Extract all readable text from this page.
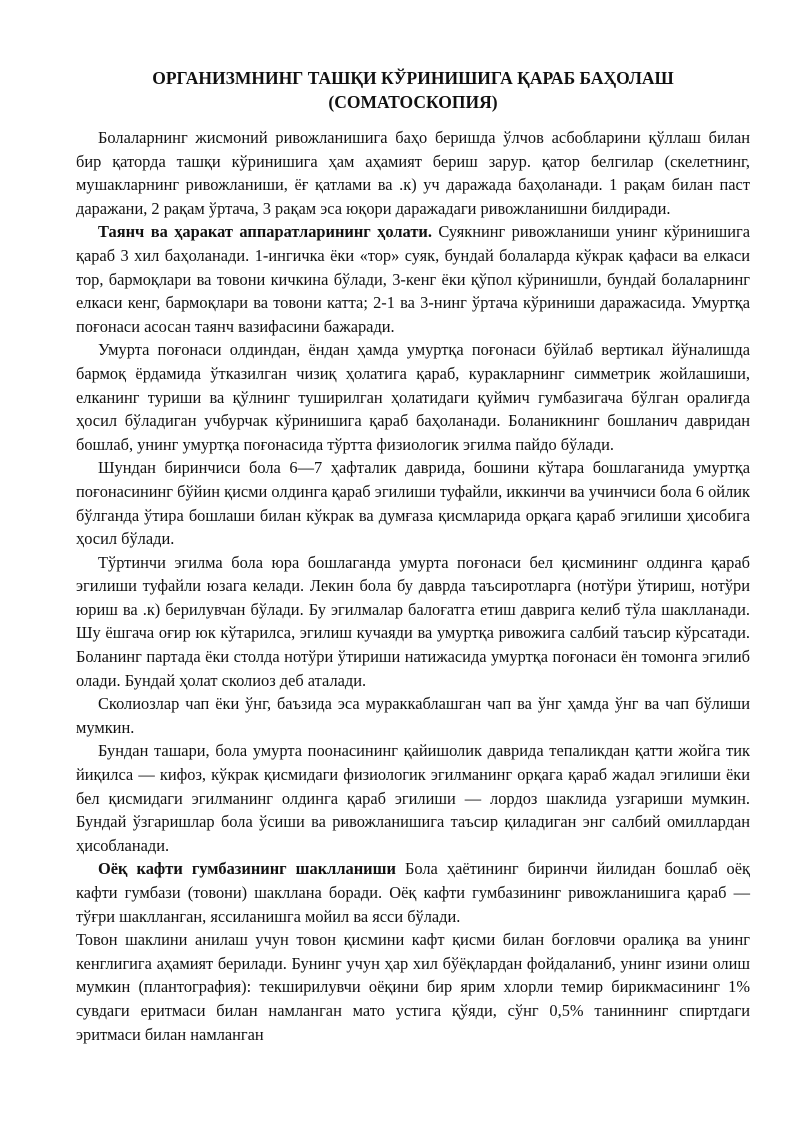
ОРГАНИЗМНИНГ ТАШҚИ КЎРИНИШИГА ҚАРАБ БАҲОЛАШ
(СОМАТОСКОПИЯ)

Болаларнинг жисмоний ривожланишига баҳо беришда ўлчов асбобларини қўллаш билан бир қаторда ташқи кўринишига ҳам аҳамият бериш зарур. қатор белгилар (скелетнинг, мушакларнинг ривожланиши, ёғ қатлами ва .к) уч даражада баҳоланади. 1 рақам билан паст даражани, 2 рақам ўртача, 3 рақам эса юқори даражадаги ривожланишни билдиради.

Таянч ва ҳаракат аппаратларининг ҳолати. Суякнинг ривожланиши унинг кўринишига қараб 3 хил баҳоланади. 1-ингичка ёки «тор» суяк, бундай болаларда кўкрак қафаси ва елкаси тор, бармоқлари ва товони кичкина бўлади, 3-кенг ёки қўпол кўринишли, бундай болаларнинг елкаси кенг, бармоқлари ва товони катта; 2-1 ва 3-нинг ўртача кўриниши даражасида. Умуртқа поғонаси асосан таянч вазифасини бажаради.

Умурта поғонаси олдиндан, ёндан ҳамда умуртқа поғонаси бўйлаб вертикал йўналишда бармоқ ёрдамида ўтказилган чизиқ ҳолатига қараб, куракларнинг симметрик жойлашиши, елканинг туриши ва қўлнинг туширилган ҳолатидаги қуймич гумбазигача бўлган оралиғда ҳосил бўладиган учбурчак кўринишига қараб баҳоланади. Боланикнинг бошланич давридан бошлаб, унинг умуртқа поғонасида тўртта физиологик эгилма пайдо бўлади.

Шундан биринчиси бола 6—7 ҳафталик даврида, бошини кўтара бошлаганида умуртқа поғонасининг бўйин қисми олдинга қараб эгилиши туфайли, иккинчи ва учинчиси бола 6 ойлик бўлганда ўтира бошлаши билан кўкрак ва думғаза қисмларида орқага қараб эгилиши ҳисобига ҳосил бўлади.

Тўртинчи эгилма бола юра бошлаганда умурта поғонаси бел қисмининг олдинга қараб эгилиши туфайли юзага келади. Лекин бола бу даврда таъсиротларга (нотўри ўтириш, нотўри юриш ва .к) берилувчан бўлади. Бу эгилмалар балоғатга етиш даврига келиб тўла шаклланади. Шу ёшгача оғир юк кўтарилса, эгилиш кучаяди ва умуртқа ривожига салбий таъсир кўрсатади. Боланинг партада ёки столда нотўри ўтириши натижасида умуртқа поғонаси ён томонга эгилиб олади. Бундай ҳолат сколиоз деб аталади.

Сколиозлар чап ёки ўнг, баъзида эса мураккаблашган чап ва ўнг ҳамда ўнг ва чап бўлиши мумкин.

Бундан ташари, бола умурта поонасининг қайишолик даврида тепаликдан қатти жойга тик йиқилса — кифоз, кўкрак қисмидаги физиологик эгилманинг орқага қараб жадал эгилиши ёки бел қисмидаги эгилманинг олдинга қараб эгилиши — лордоз шаклида узгариши мумкин. Бундай ўзгаришлар бола ўсиши ва ривожланишига таъсир қиладиган энг салбий омиллардан ҳисобланади.

Оёқ кафти гумбазининг шаклланиши Бола ҳаётининг биринчи йилидан бошлаб оёқ кафти гумбази (товони) шакллана боради. Оёқ кафти гумбазининг ривожланишига қараб — тўғри шаклланган, яссиланишга мойил ва ясси бўлади.

Товон шаклини анилаш учун товон қисмини кафт қисми билан боғловчи оралиқа ва унинг кенглигига аҳамият берилади. Бунинг учун ҳар хил бўёқлардан фойдаланиб, унинг изини олиш мумкин (плантография): текширилувчи оёқини бир ярим хлорли темир бирикмасининг 1% сувдаги еритмаси билан намланган мато устига қўяди, сўнг 0,5% таниннинг спиртдаги эритмаси билан намланган
